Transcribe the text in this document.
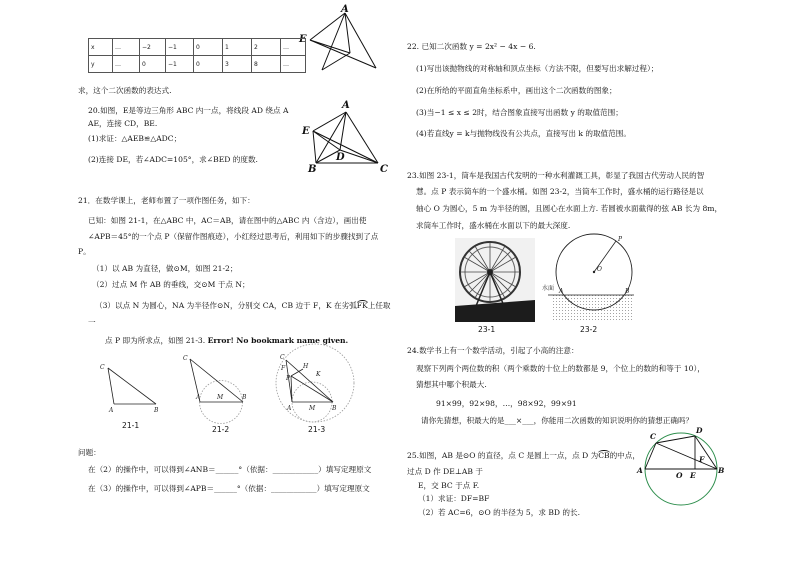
A
E
A
E
D
B	C
C
A	B
C
A	M	B
C
F
P
H
K
A	M	B
水面
O
P
A	B
C
D
A
O E
F
B
x	…	−2	−1	0	1	2	…
y	…	0	−1	0	3	8	…
求，这个二次函数的表达式.
20.如图，E是等边三角形 ABC 内一点，将线段 AD 绕点 A
AE，连接 CD，BE.
(1)求证：△AEB≌△ADC；
(2)连接 DE，若∠ADC=105°，求∠BED 的度数.
21．在数学课上，老师布置了一项作图任务，如下：
已知：如图 21-1，在△ABC 中，AC＝AB，请在图中的△ABC 内（含边），画出使
∠APB＝45°的一个点 P（保留作图痕迹），小红经过思考后，利用如下的步骤找到了点
P。
（1）以 AB 为直径，做⊙M，如图 21-2；
（2）过点 M 作 AB 的垂线，交⊙M 于点 N；
（3）以点 N 为圆心，NA 为半径作⊙N，分别交 CA，CB 边于 F，K 在劣弧FK上任取
一
点 P 即为所求点，如图 21-3. Error! No bookmark name given.
21-1	21-2	21-3
问题：
在（2）的操作中，可以得到∠ANB＝______°（依据：____________）填写定理原文
在（3）的操作中，可以得到∠APB＝______°（依据：____________）填写定理原文
22. 已知二次函数 y = 2x² − 4x − 6.
(1)写出该抛物线的对称轴和顶点坐标（方法不限，但要写出求解过程）；
(2)在所给的平面直角坐标系中，画出这个二次函数的图象；
(3)当−1 ≤ x ≤ 2时，结合图象直接写出函数 y 的取值范围；
(4)若直线y = k与抛物线没有公共点，直接写出 k 的取值范围。
23.如图 23-1，筒车是我国古代发明的一种水利灌溉工具，彰显了我国古代劳动人民的智
慧。点 P 表示筒车的一个盛水桶。如图 23-2，当筒车工作时，盛水桶的运行路径是以
轴心 O 为圆心，5 m 为半径的圆，且圆心在水面上方. 若圆被水面截得的弦 AB 长为 8m，
求筒车工作时，盛水桶在水面以下的最大深度.
23-1	23-2
24.数学书上有一个数学活动，引起了小高的注意：
观察下列两个两位数的积（两个乘数的十位上的数都是 9，个位上的数的和等于 10），
猜想其中哪个积最大.
91×99，92×98，…，98×92，99×91
请你先猜想，积最大的是___×___，你能用二次函数的知识说明你的猜想正确吗？
25.如图，AB 是⊙O 的直径，点 C 是圆上一点，点 D 为CB的中点，
过点 D 作 DE⊥AB 于
E，交 BC 于点 F.
（1）求证：DF=BF
（2）若 AC=6，⊙O 的半径为 5，求 BD 的长.
